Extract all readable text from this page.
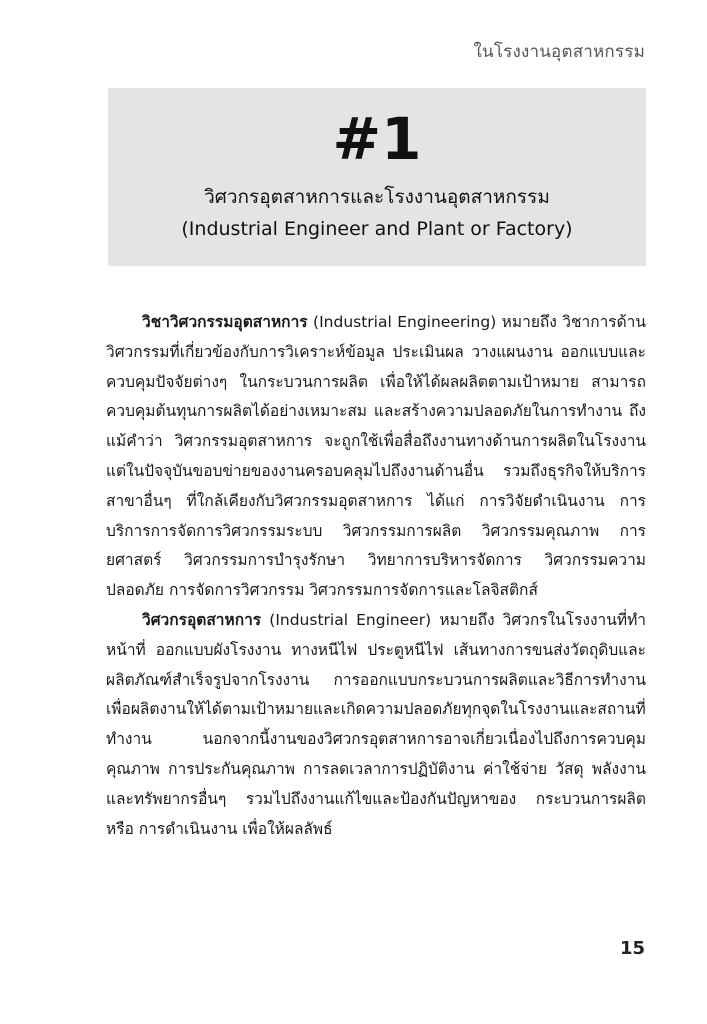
ในโรงงานอุตสาหกรรม
#1
วิศวกรอุตสาหการและโรงงานอุตสาหกรรม
(Industrial Engineer and Plant or Factory)

วิชาวิศวกรรมอุตสาหการ (Industrial Engineering) หมายถึง วิชาการด้านวิศวกรรมที่เกี่ยวข้องกับการวิเคราะห์ข้อมูล ประเมินผล วางแผนงาน ออกแบบและควบคุมปัจจัยต่างๆ ในกระบวนการผลิต เพื่อให้ได้ผลผลิตตามเป้าหมาย สามารถควบคุมต้นทุนการผลิตได้อย่างเหมาะสม และสร้างความปลอดภัยในการทำงาน ถึงแม้คำว่า วิศวกรรมอุตสาหการ จะถูกใช้เพื่อสื่อถึงงานทางด้านการผลิตในโรงงาน แต่ในปัจจุบันขอบข่ายของงานครอบคลุมไปถึงงานด้านอื่น รวมถึงธุรกิจให้บริการสาขาอื่นๆ ที่ใกล้เคียงกับวิศวกรรมอุตสาหการ ได้แก่ การวิจัยดำเนินงาน การบริการการจัดการวิศวกรรมระบบ วิศวกรรมการผลิต วิศวกรรมคุณภาพ การยศาสตร์ วิศวกรรมการบำรุงรักษา วิทยาการบริหารจัดการ วิศวกรรมความปลอดภัย การจัดการวิศวกรรม วิศวกรรมการจัดการและโลจิสติกส์

วิศวกรอุตสาหการ (Industrial Engineer) หมายถึง วิศวกรในโรงงานที่ทำหน้าที่ ออกแบบผังโรงงาน ทางหนีไฟ ประตูหนีไฟ เส้นทางการขนส่งวัตถุดิบและผลิตภัณฑ์สำเร็จรูปจากโรงงาน การออกแบบกระบวนการผลิตและวิธีการทำงาน เพื่อผลิตงานให้ได้ตามเป้าหมายและเกิดความปลอดภัยทุกจุดในโรงงานและสถานที่ทำงาน นอกจากนี้งานของวิศวกรอุตสาหการอาจเกี่ยวเนื่องไปถึงการควบคุมคุณภาพ การประกันคุณภาพ การลดเวลาการปฏิบัติงาน ค่าใช้จ่าย วัสดุ พลังงาน และทรัพยากรอื่นๆ รวมไปถึงงานแก้ไขและป้องกันปัญหาของ กระบวนการผลิต หรือ การดำเนินงาน เพื่อให้ผลลัพธ์

15
